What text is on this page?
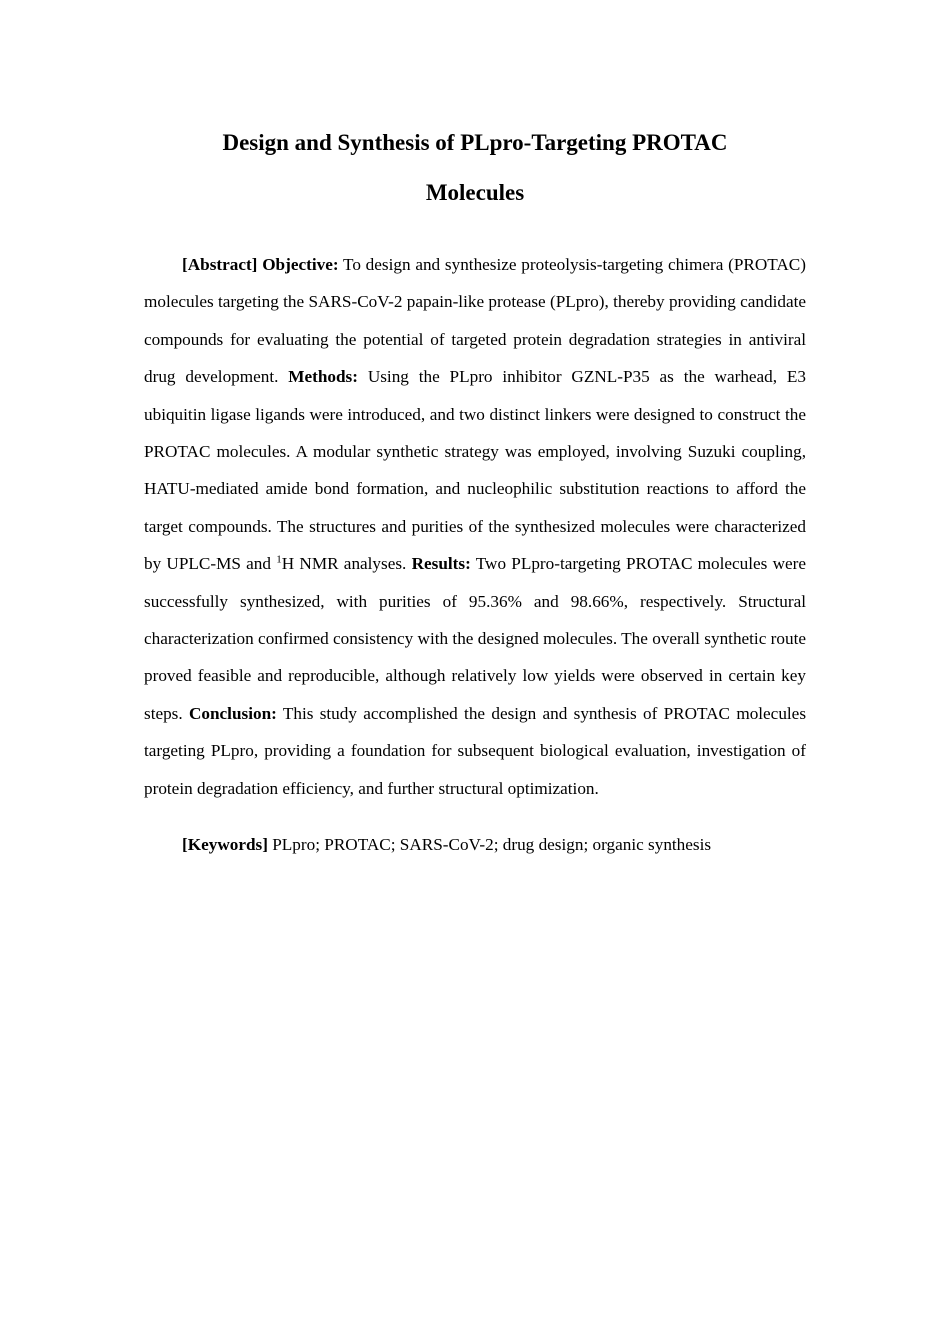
Design and Synthesis of PLpro-Targeting PROTAC
Molecules

[Abstract] Objective: To design and synthesize proteolysis-targeting chimera (PROTAC) molecules targeting the SARS-CoV-2 papain-like protease (PLpro), thereby providing candidate compounds for evaluating the potential of targeted protein degradation strategies in antiviral drug development. Methods: Using the PLpro inhibitor GZNL-P35 as the warhead, E3 ubiquitin ligase ligands were introduced, and two distinct linkers were designed to construct the PROTAC molecules. A modular synthetic strategy was employed, involving Suzuki coupling, HATU-mediated amide bond formation, and nucleophilic substitution reactions to afford the target compounds. The structures and purities of the synthesized molecules were characterized by UPLC-MS and $^1$H NMR analyses. Results: Two PLpro-targeting PROTAC molecules were successfully synthesized, with purities of 95.36% and 98.66%, respectively. Structural characterization confirmed consistency with the designed molecules. The overall synthetic route proved feasible and reproducible, although relatively low yields were observed in certain key steps. Conclusion: This study accomplished the design and synthesis of PROTAC molecules targeting PLpro, providing a foundation for subsequent biological evaluation, investigation of protein degradation efficiency, and further structural optimization.

[Keywords] PLpro; PROTAC; SARS-CoV-2; drug design; organic synthesis
